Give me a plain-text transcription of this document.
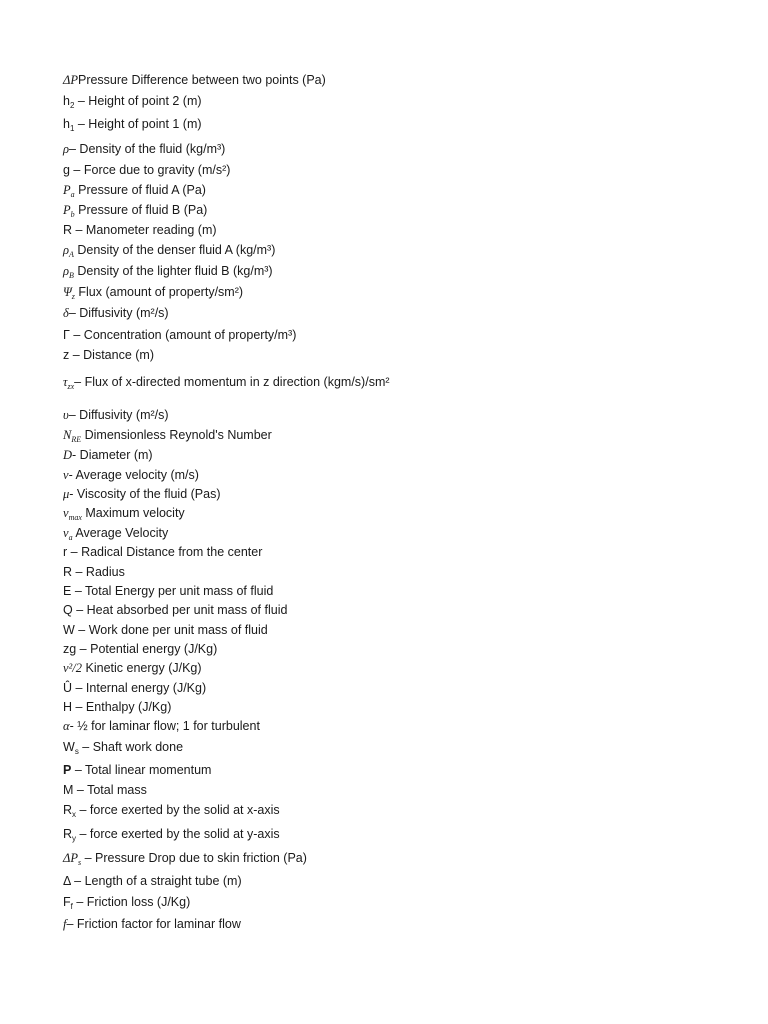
ΔPPressure Difference between two points (Pa)
$h_2$ – Height of point 2 (m)
$h_1$ – Height of point 1 (m)
ρ– Density of the fluid (kg/m³)
g – Force due to gravity (m/s²)
$P_a$ Pressure of fluid A (Pa)
$P_b$ Pressure of fluid B (Pa)
R – Manometer reading (m)
$\rho_A$ Density of the denser fluid A (kg/m³)
$\rho_B$ Density of the lighter fluid B (kg/m³)
$\Psi_z$ Flux (amount of property/sm²)
δ– Diffusivity (m²/s)
Γ – Concentration (amount of property/m³)
z – Distance (m)
$\tau_{zx}-$ Flux of x-directed momentum in z direction (kgm/s)/sm²
υ– Diffusivity (m²/s)
$N_{RE}$ Dimensionless Reynold's Number
D- Diameter (m)
v- Average velocity (m/s)
μ- Viscosity of the fluid (Pas)
$v_{max}$ Maximum velocity
$v_a$ Average Velocity
r – Radical Distance from the center
R – Radius
E – Total Energy per unit mass of fluid
Q – Heat absorbed per unit mass of fluid
W – Work done per unit mass of fluid
zg – Potential energy (J/Kg)
v²/2 Kinetic energy (J/Kg)
Û – Internal energy (J/Kg)
H – Enthalpy (J/Kg)
α- ½ for laminar flow; 1 for turbulent
$W_s$ – Shaft work done
P – Total linear momentum
M – Total mass
$R_x$ – force exerted by the solid at x-axis
$R_y$ – force exerted by the solid at y-axis
$\Delta P_s$ – Pressure Drop due to skin friction (Pa)
Δ – Length of a straight tube (m)
$F_f$ – Friction loss (J/Kg)
f– Friction factor for laminar flow
